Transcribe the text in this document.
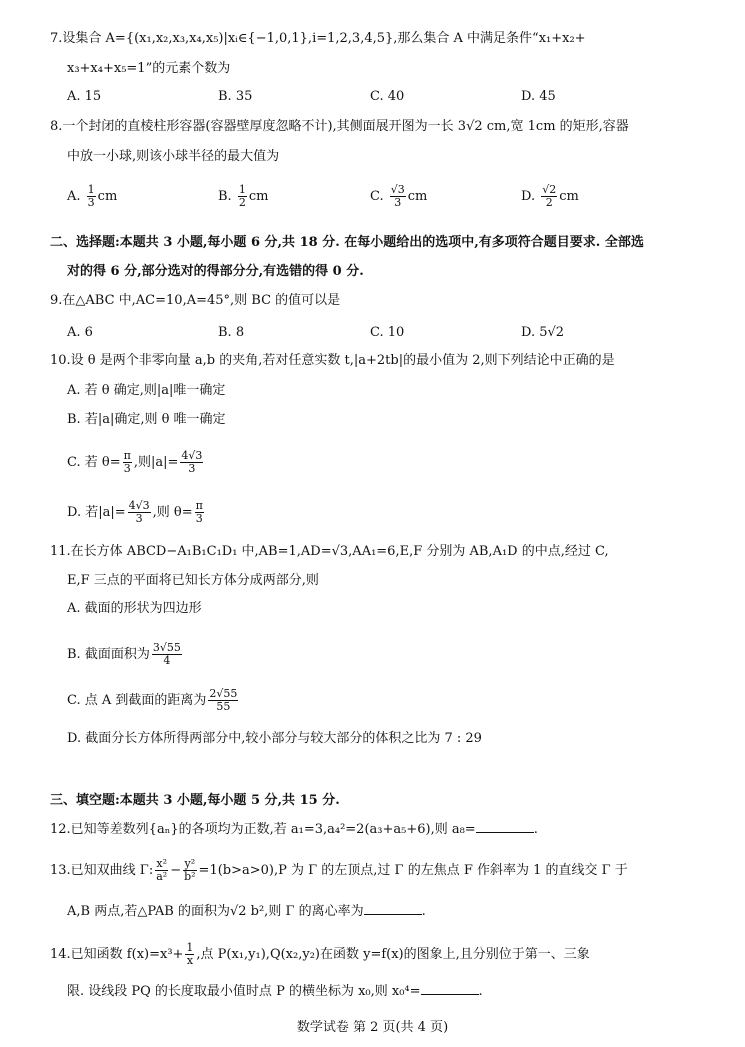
7.设集合 A={(x₁,x₂,x₃,x₄,x₅)|xᵢ∈{−1,0,1},i=1,2,3,4,5},那么集合 A 中满足条件“x₁+x₂+
x₃+x₄+x₅=1”的元素个数为
A. 15	B. 35	C. 40	D. 45
8.一个封闭的直棱柱形容器(容器壁厚度忽略不计),其侧面展开图为一长 3√2 cm,宽 1cm 的矩形,容器
中放一小球,则该小球半径的最大值为
A. $\frac{1}{3}$ cm	B. $\frac{1}{2}$ cm	C. $\frac{√3}{3}$ cm	D. $\frac{√2}{2}$ cm
二、选择题:本题共 3 小题,每小题 6 分,共 18 分. 在每小题给出的选项中,有多项符合题目要求. 全部选
对的得 6 分,部分选对的得部分分,有选错的得 0 分.
9.在△ABC 中,AC=10,A=45°,则 BC 的值可以是
A. 6	B. 8	C. 10	D. 5√2
10.设 θ 是两个非零向量 a,b 的夹角,若对任意实数 t,|a+2tb|的最小值为 2,则下列结论中正确的是
A. 若 θ 确定,则|a|唯一确定
B. 若|a|确定,则 θ 唯一确定
C. 若 $\theta= \frac{\pi}{3}$ ,则$|a|= \frac{4√3}{3}$
D. 若$|a|= \frac{4√3}{3}$ ,则 $\theta= \frac{\pi}{3}$
11.在长方体 ABCD−A₁B₁C₁D₁ 中,AB=1,AD=√3,AA₁=6,E,F 分别为 AB,A₁D 的中点,经过 C,
E,F 三点的平面将已知长方体分成两部分,则
A. 截面的形状为四边形
B. 截面面积为 $\frac{3√55}{4}$
C. 点 A 到截面的距离为 $\frac{2√55}{55}$
D. 截面分长方体所得两部分中,较小部分与较大部分的体积之比为 7 : 29
三、填空题:本题共 3 小题,每小题 5 分,共 15 分.
12.已知等差数列{aₙ}的各项均为正数,若 a₁=3,a₄²=2(a₃+a₅+6),则 a₈=	.
13.已知双曲线 Γ: $\frac{\text{x²}}{\text{a²}} - \frac{\text{y²}}{\text{b²}} =1(b>a>0),P$ 为 Γ 的左顶点,过 Γ 的左焦点 F 作斜率为 1 的直线交 Γ 于
A,B 两点,若△PAB 的面积为√2 b²,则 Γ 的离心率为	.
14.已知函数 $f(x)=x^3+ \frac{1}{x}$ ,点 P(x₁,y₁),Q(x₂,y₂)在函数 y=f(x)的图象上,且分别位于第一、三象
限. 设线段 PQ 的长度取最小值时点 P 的横坐标为 x₀,则 x₀⁴=	.
数学试卷 第 2 页(共 4 页)
